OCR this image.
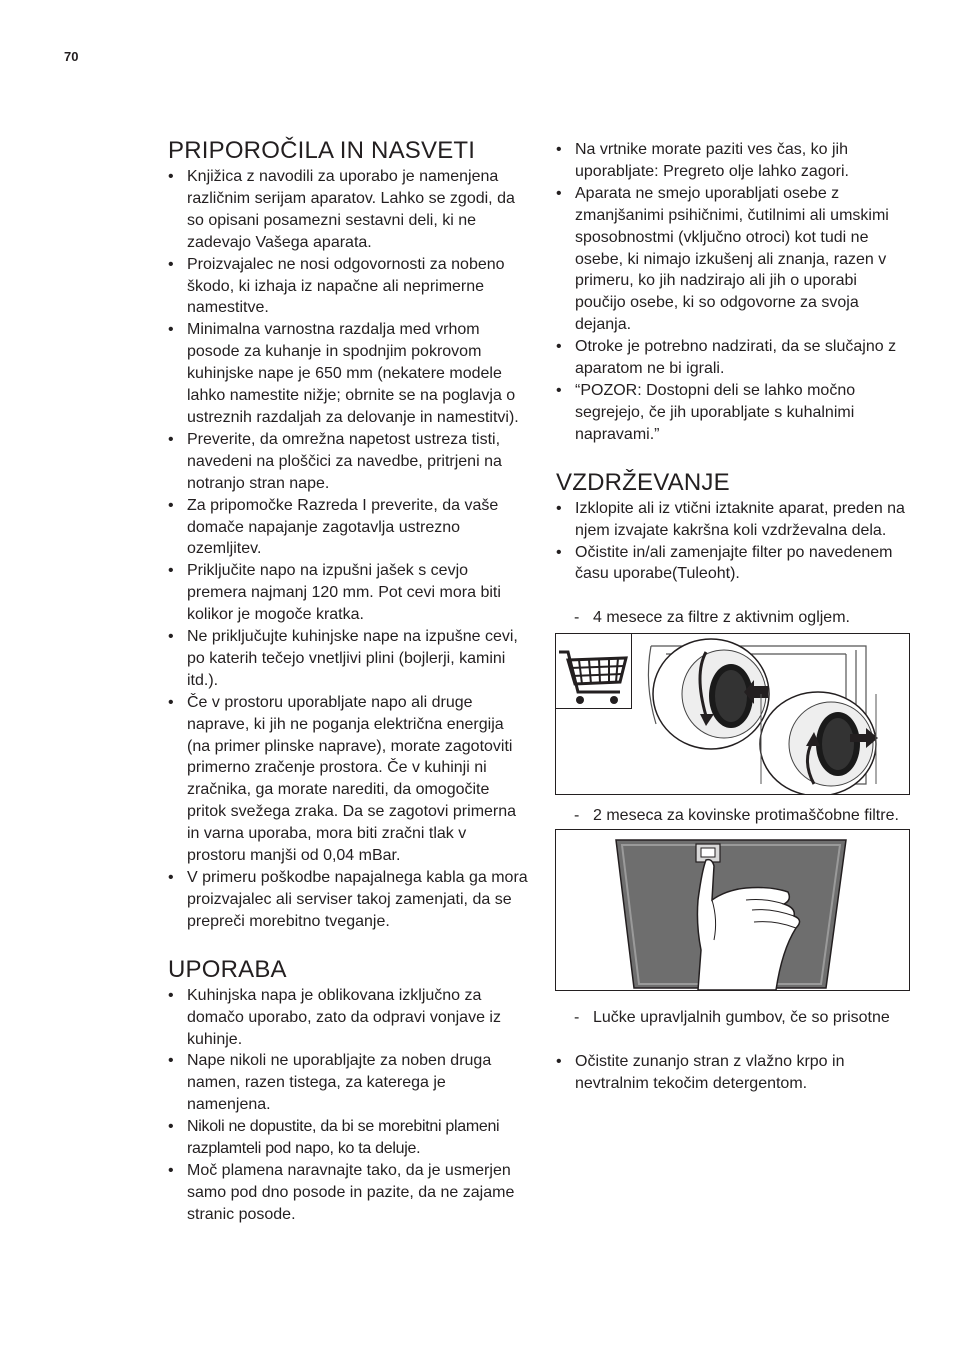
70
PRIPOROČILA IN NASVETI
• Knjižica z navodili za uporabo je namenjena različnim serijam aparatov. Lahko se zgodi, da so opisani posamezni sestavni deli, ki ne zadevajo Vašega aparata.
• Proizvajalec ne nosi odgovornosti za nobeno škodo, ki izhaja iz napačne ali neprimerne namestitve.
• Minimalna varnostna razdalja med vrhom posode za kuhanje in spodnjim pokrovom kuhinjske nape je 650 mm (nekatere modele lahko namestite nižje; obrnite se na poglavja o ustreznih razdaljah za delovanje in namestitvi).
• Preverite, da omrežna napetost ustreza tisti, navedeni na ploščici za navedbe, pritrjeni na notranjo stran nape.
• Za pripomočke Razreda I preverite, da vaše domače napajanje zagotavlja ustrezno ozemljitev.
• Priključite napo na izpušni jašek s cevjo premera najmanj 120 mm. Pot cevi mora biti kolikor je mogoče kratka.
• Ne priključujte kuhinjske nape na izpušne cevi, po katerih tečejo vnetljivi plini (bojlerji, kamini itd.).
• Če v prostoru uporabljate napo ali druge naprave, ki jih ne poganja električna energija (na primer plinske naprave), morate zagotoviti primerno zračenje prostora. Če v kuhinji ni zračnika, ga morate narediti, da omogočite pritok svežega zraka. Da se zagotovi primerna in varna uporaba, mora biti zračni tlak v prostoru manjši od 0,04 mBar.
• V primeru poškodbe napajalnega kabla ga mora proizvajalec ali serviser takoj zamenjati, da se prepreči morebitno tveganje.
UPORABA
• Kuhinjska napa je oblikovana izključno za domačo uporabo, zato da odpravi vonjave iz kuhinje.
• Nape nikoli ne uporabljajte za noben druga namen, razen tistega, za katerega je namenjena.
• Nikoli ne dopustite, da bi se morebitni plameni razplamteli pod napo, ko ta deluje.
• Moč plamena naravnajte tako, da je usmerjen samo pod dno posode in pazite, da ne zajame stranic posode.
• Na vrtnike morate paziti ves čas, ko jih uporabljate: Pregreto olje lahko zagori.
• Aparata ne smejo uporabljati osebe z zmanjšanimi psihičnimi, čutilnimi ali umskimi sposobnostmi (vključno otroci) kot tudi ne osebe, ki nimajo izkušenj ali znanja, razen v primeru, ko jih nadzirajo ali jih o uporabi poučijo osebe, ki so odgovorne za svoja dejanja.
• Otroke je potrebno nadzirati, da se slučajno z aparatom ne bi igrali.
• “POZOR: Dostopni deli se lahko močno segrejejo, če jih uporabljate s kuhalnimi napravami.”
VZDRŽEVANJE
• Izklopite ali iz vtični iztaknite aparat, preden na njem izvajate kakršna koli vzdrževalna dela.
• Očistite in/ali zamenjajte filter po navedenem času uporabe(Tuleoht).
- 4 mesece za filtre z aktivnim ogljem.
- 2 meseca za kovinske protimaščobne filtre.
- Lučke upravljalnih gumbov, če so prisotne
• Očistite zunanjo stran z vlažno krpo in nevtralnim tekočim detergentom.
